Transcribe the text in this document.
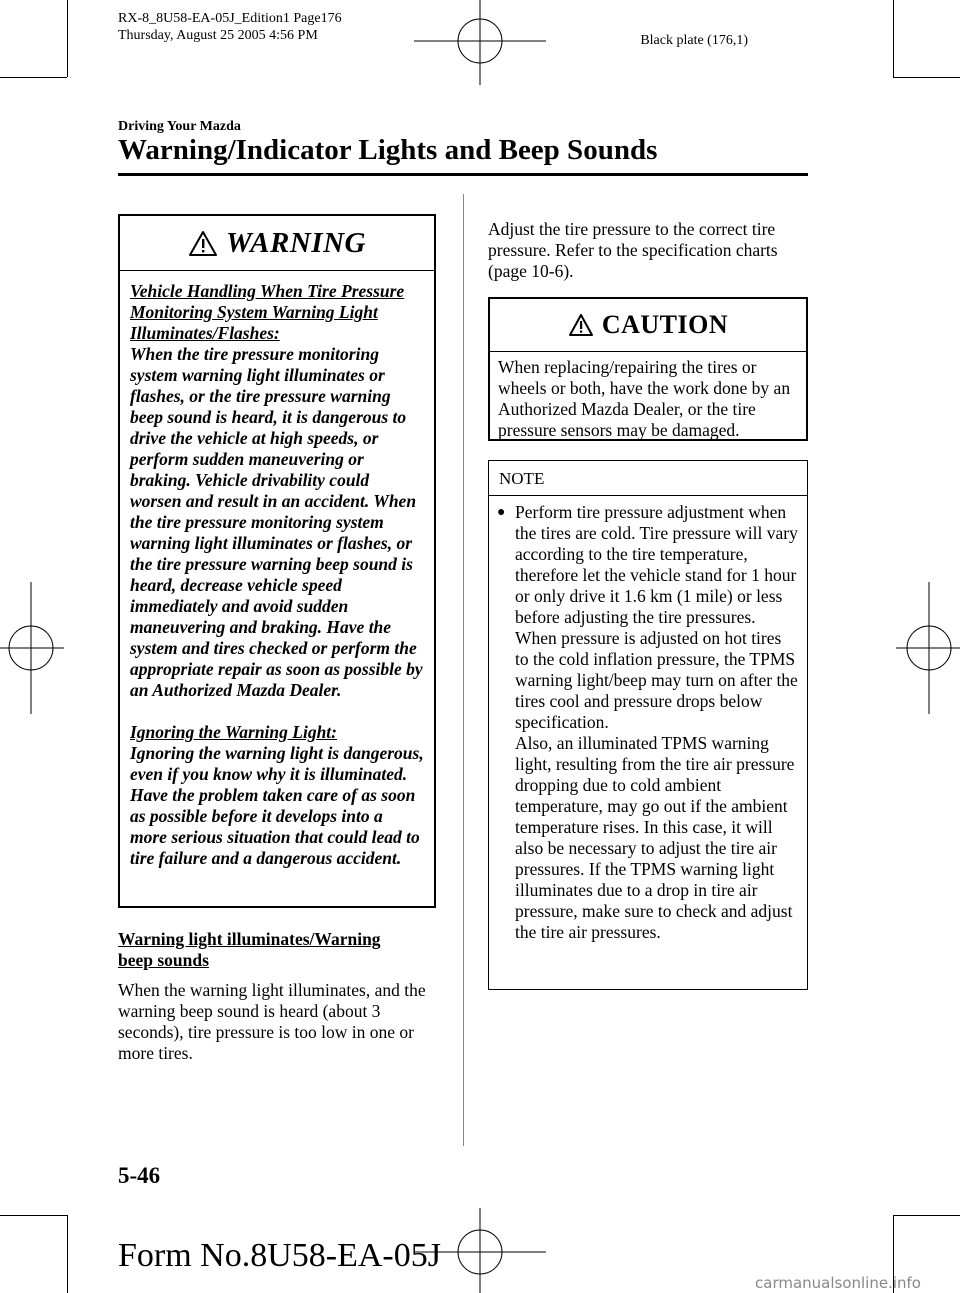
RX-8_8U58-EA-05J_Edition1 Page176
Thursday, August 25 2005 4:56 PM	Black plate (176,1)
Driving Your Mazda
Warning/Indicator Lights and Beep Sounds
WARNING
Vehicle Handling When Tire Pressure Monitoring System Warning Light Illuminates/Flashes:

When the tire pressure monitoring system warning light illuminates or flashes, or the tire pressure warning beep sound is heard, it is dangerous to drive the vehicle at high speeds, or perform sudden maneuvering or braking. Vehicle drivability could worsen and result in an accident. When the tire pressure monitoring system warning light illuminates or flashes, or the tire pressure warning beep sound is heard, decrease vehicle speed immediately and avoid sudden maneuvering and braking. Have the system and tires checked or perform the appropriate repair as soon as possible by an Authorized Mazda Dealer.

Ignoring the Warning Light:

Ignoring the warning light is dangerous, even if you know why it is illuminated. Have the problem taken care of as soon as possible before it develops into a more serious situation that could lead to tire failure and a dangerous accident.

Warning light illuminates/Warning beep sounds
When the warning light illuminates, and the warning beep sound is heard (about 3 seconds), tire pressure is too low in one or more tires.
Adjust the tire pressure to the correct tire pressure. Refer to the specification charts (page 10-6).
CAUTION
When replacing/repairing the tires or wheels or both, have the work done by an Authorized Mazda Dealer, or the tire pressure sensors may be damaged.
NOTE
● Perform tire pressure adjustment when the tires are cold. Tire pressure will vary according to the tire temperature, therefore let the vehicle stand for 1 hour or only drive it 1.6 km (1 mile) or less before adjusting the tire pressures. When pressure is adjusted on hot tires to the cold inflation pressure, the TPMS warning light/beep may turn on after the tires cool and pressure drops below specification.
Also, an illuminated TPMS warning light, resulting from the tire air pressure dropping due to cold ambient temperature, may go out if the ambient temperature rises. In this case, it will also be necessary to adjust the tire air pressures. If the TPMS warning light illuminates due to a drop in tire air pressure, make sure to check and adjust the tire air pressures.
5-46
Form No.8U58-EA-05J
carmanualsonline.info
